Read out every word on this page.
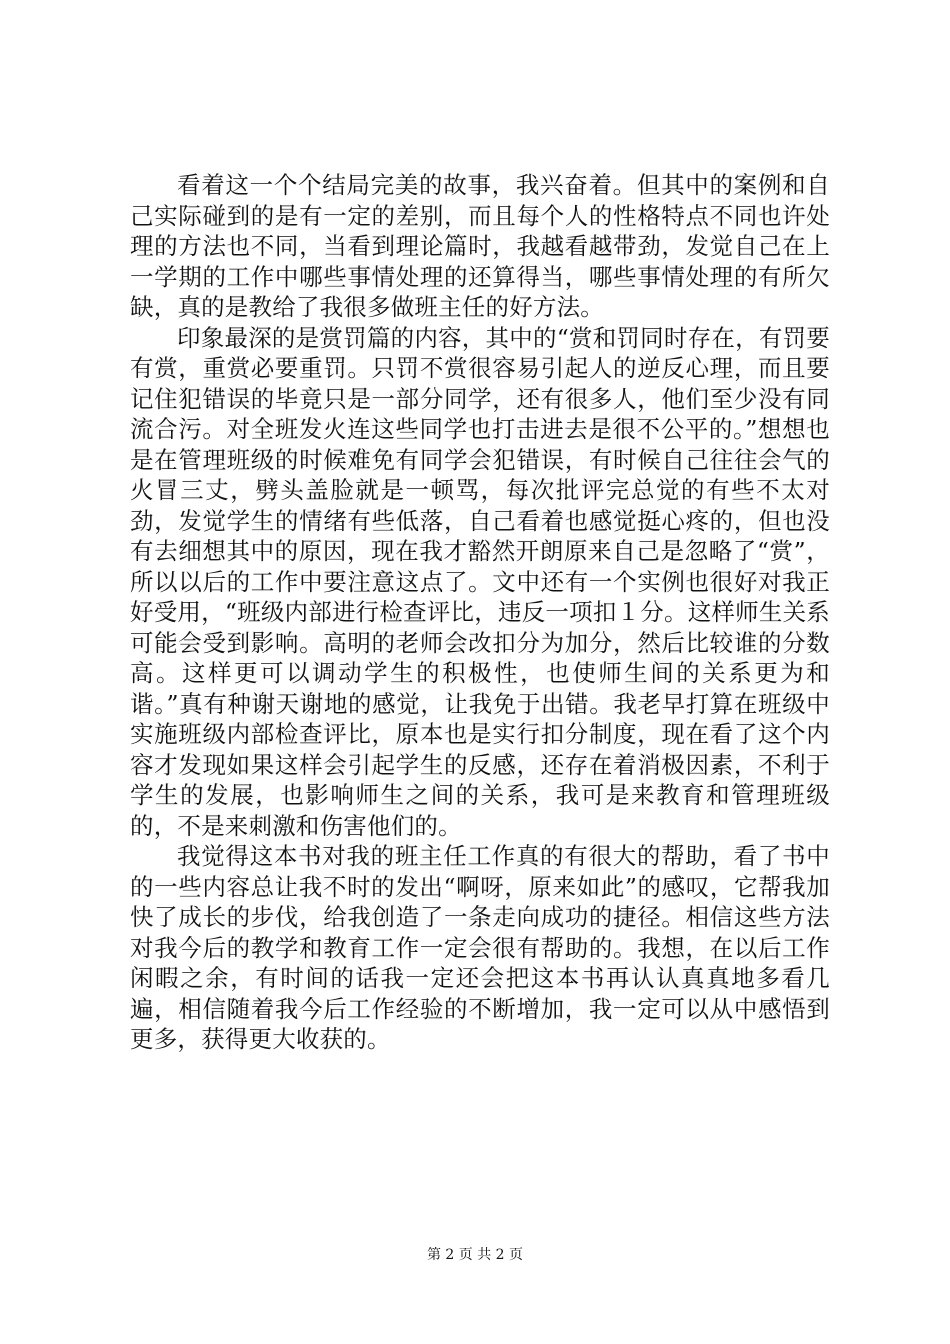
看着这一个个结局完美的故事，我兴奋着。但其中的案例和自己实际碰到的是有一定的差别，而且每个人的性格特点不同也许处理的方法也不同，当看到理论篇时，我越看越带劲，发觉自己在上一学期的工作中哪些事情处理的还算得当，哪些事情处理的有所欠缺，真的是教给了我很多做班主任的好方法。

印象最深的是赏罚篇的内容，其中的“赏和罚同时存在，有罚要有赏，重赏必要重罚。只罚不赏很容易引起人的逆反心理，而且要记住犯错误的毕竟只是一部分同学，还有很多人，他们至少没有同流合污。对全班发火连这些同学也打击进去是很不公平的。”想想也是在管理班级的时候难免有同学会犯错误，有时候自己往往会气的火冒三丈，劈头盖脸就是一顿骂，每次批评完总觉的有些不太对劲，发觉学生的情绪有些低落，自己看着也感觉挺心疼的，但也没有去细想其中的原因，现在我才豁然开朗原来自己是忽略了“赏”，所以以后的工作中要注意这点了。文中还有一个实例也很好对我正好受用，“班级内部进行检查评比，违反一项扣１分。这样师生关系可能会受到影响。高明的老师会改扣分为加分，然后比较谁的分数高。这样更可以调动学生的积极性，也使师生间的关系更为和谐。”真有种谢天谢地的感觉，让我免于出错。我老早打算在班级中实施班级内部检查评比，原本也是实行扣分制度，现在看了这个内容才发现如果这样会引起学生的反感，还存在着消极因素，不利于学生的发展，也影响师生之间的关系，我可是来教育和管理班级的，不是来刺激和伤害他们的。

我觉得这本书对我的班主任工作真的有很大的帮助，看了书中的一些内容总让我不时的发出“啊呀，原来如此”的感叹，它帮我加快了成长的步伐，给我创造了一条走向成功的捷径。相信这些方法对我今后的教学和教育工作一定会很有帮助的。我想，在以后工作闲暇之余，有时间的话我一定还会把这本书再认认真真地多看几遍，相信随着我今后工作经验的不断增加，我一定可以从中感悟到更多，获得更大收获的。

第 2 页 共 2 页
